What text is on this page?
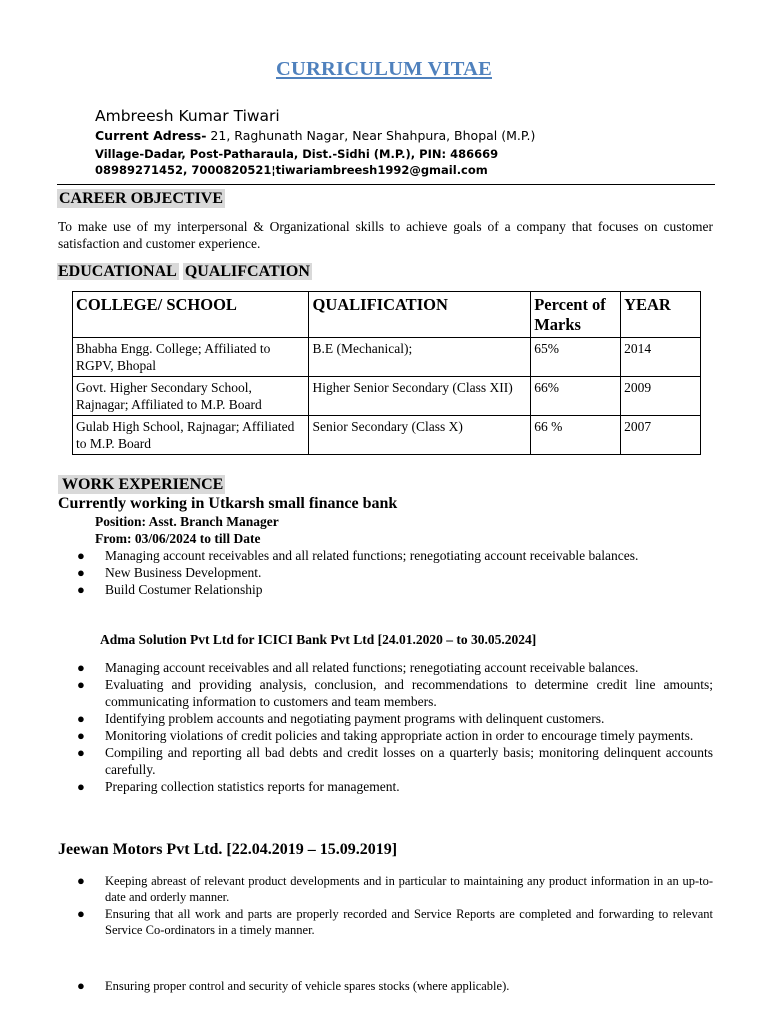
CURRICULUM VITAE
Ambreesh Kumar Tiwari
Current Adress- 21, Raghunath Nagar, Near Shahpura, Bhopal (M.P.)
Village-Dadar, Post-Patharaula, Dist.-Sidhi (M.P.), PIN: 486669
08989271452, 7000820521¦tiwariambreesh1992@gmail.com
CAREER OBJECTIVE
To make use of my interpersonal & Organizational skills to achieve goals of a company that focuses on customer satisfaction and customer experience.
EDUCATIONAL QUALIFCATION
COLLEGE/ SCHOOL	QUALIFICATION	Percent of Marks	YEAR
Bhabha Engg. College; Affiliated to RGPV, Bhopal	B.E (Mechanical);	65%	2014
Govt. Higher Secondary School, Rajnagar; Affiliated to M.P. Board	Higher Senior Secondary (Class XII)	66%	2009
Gulab High School, Rajnagar; Affiliated to M.P. Board	Senior Secondary (Class X)	66 %	2007
WORK EXPERIENCE
Currently working in Utkarsh small finance bank
Position: Asst. Branch Manager
From: 03/06/2024 to till Date
● Managing account receivables and all related functions; renegotiating account receivable balances.
● New Business Development.
● Build Costumer Relationship
Adma Solution Pvt Ltd for ICICI Bank Pvt Ltd [24.01.2020 – to 30.05.2024]
● Managing account receivables and all related functions; renegotiating account receivable balances.
● Evaluating and providing analysis, conclusion, and recommendations to determine credit line amounts; communicating information to customers and team members.
● Identifying problem accounts and negotiating payment programs with delinquent customers.
● Monitoring violations of credit policies and taking appropriate action in order to encourage timely payments.
● Compiling and reporting all bad debts and credit losses on a quarterly basis; monitoring delinquent accounts carefully.
● Preparing collection statistics reports for management.
Jeewan Motors Pvt Ltd. [22.04.2019 – 15.09.2019]
● Keeping abreast of relevant product developments and in particular to maintaining any product information in an up-to-date and orderly manner.
● Ensuring that all work and parts are properly recorded and Service Reports are completed and forwarding to relevant Service Co-ordinators in a timely manner.
● Ensuring proper control and security of vehicle spares stocks (where applicable).
